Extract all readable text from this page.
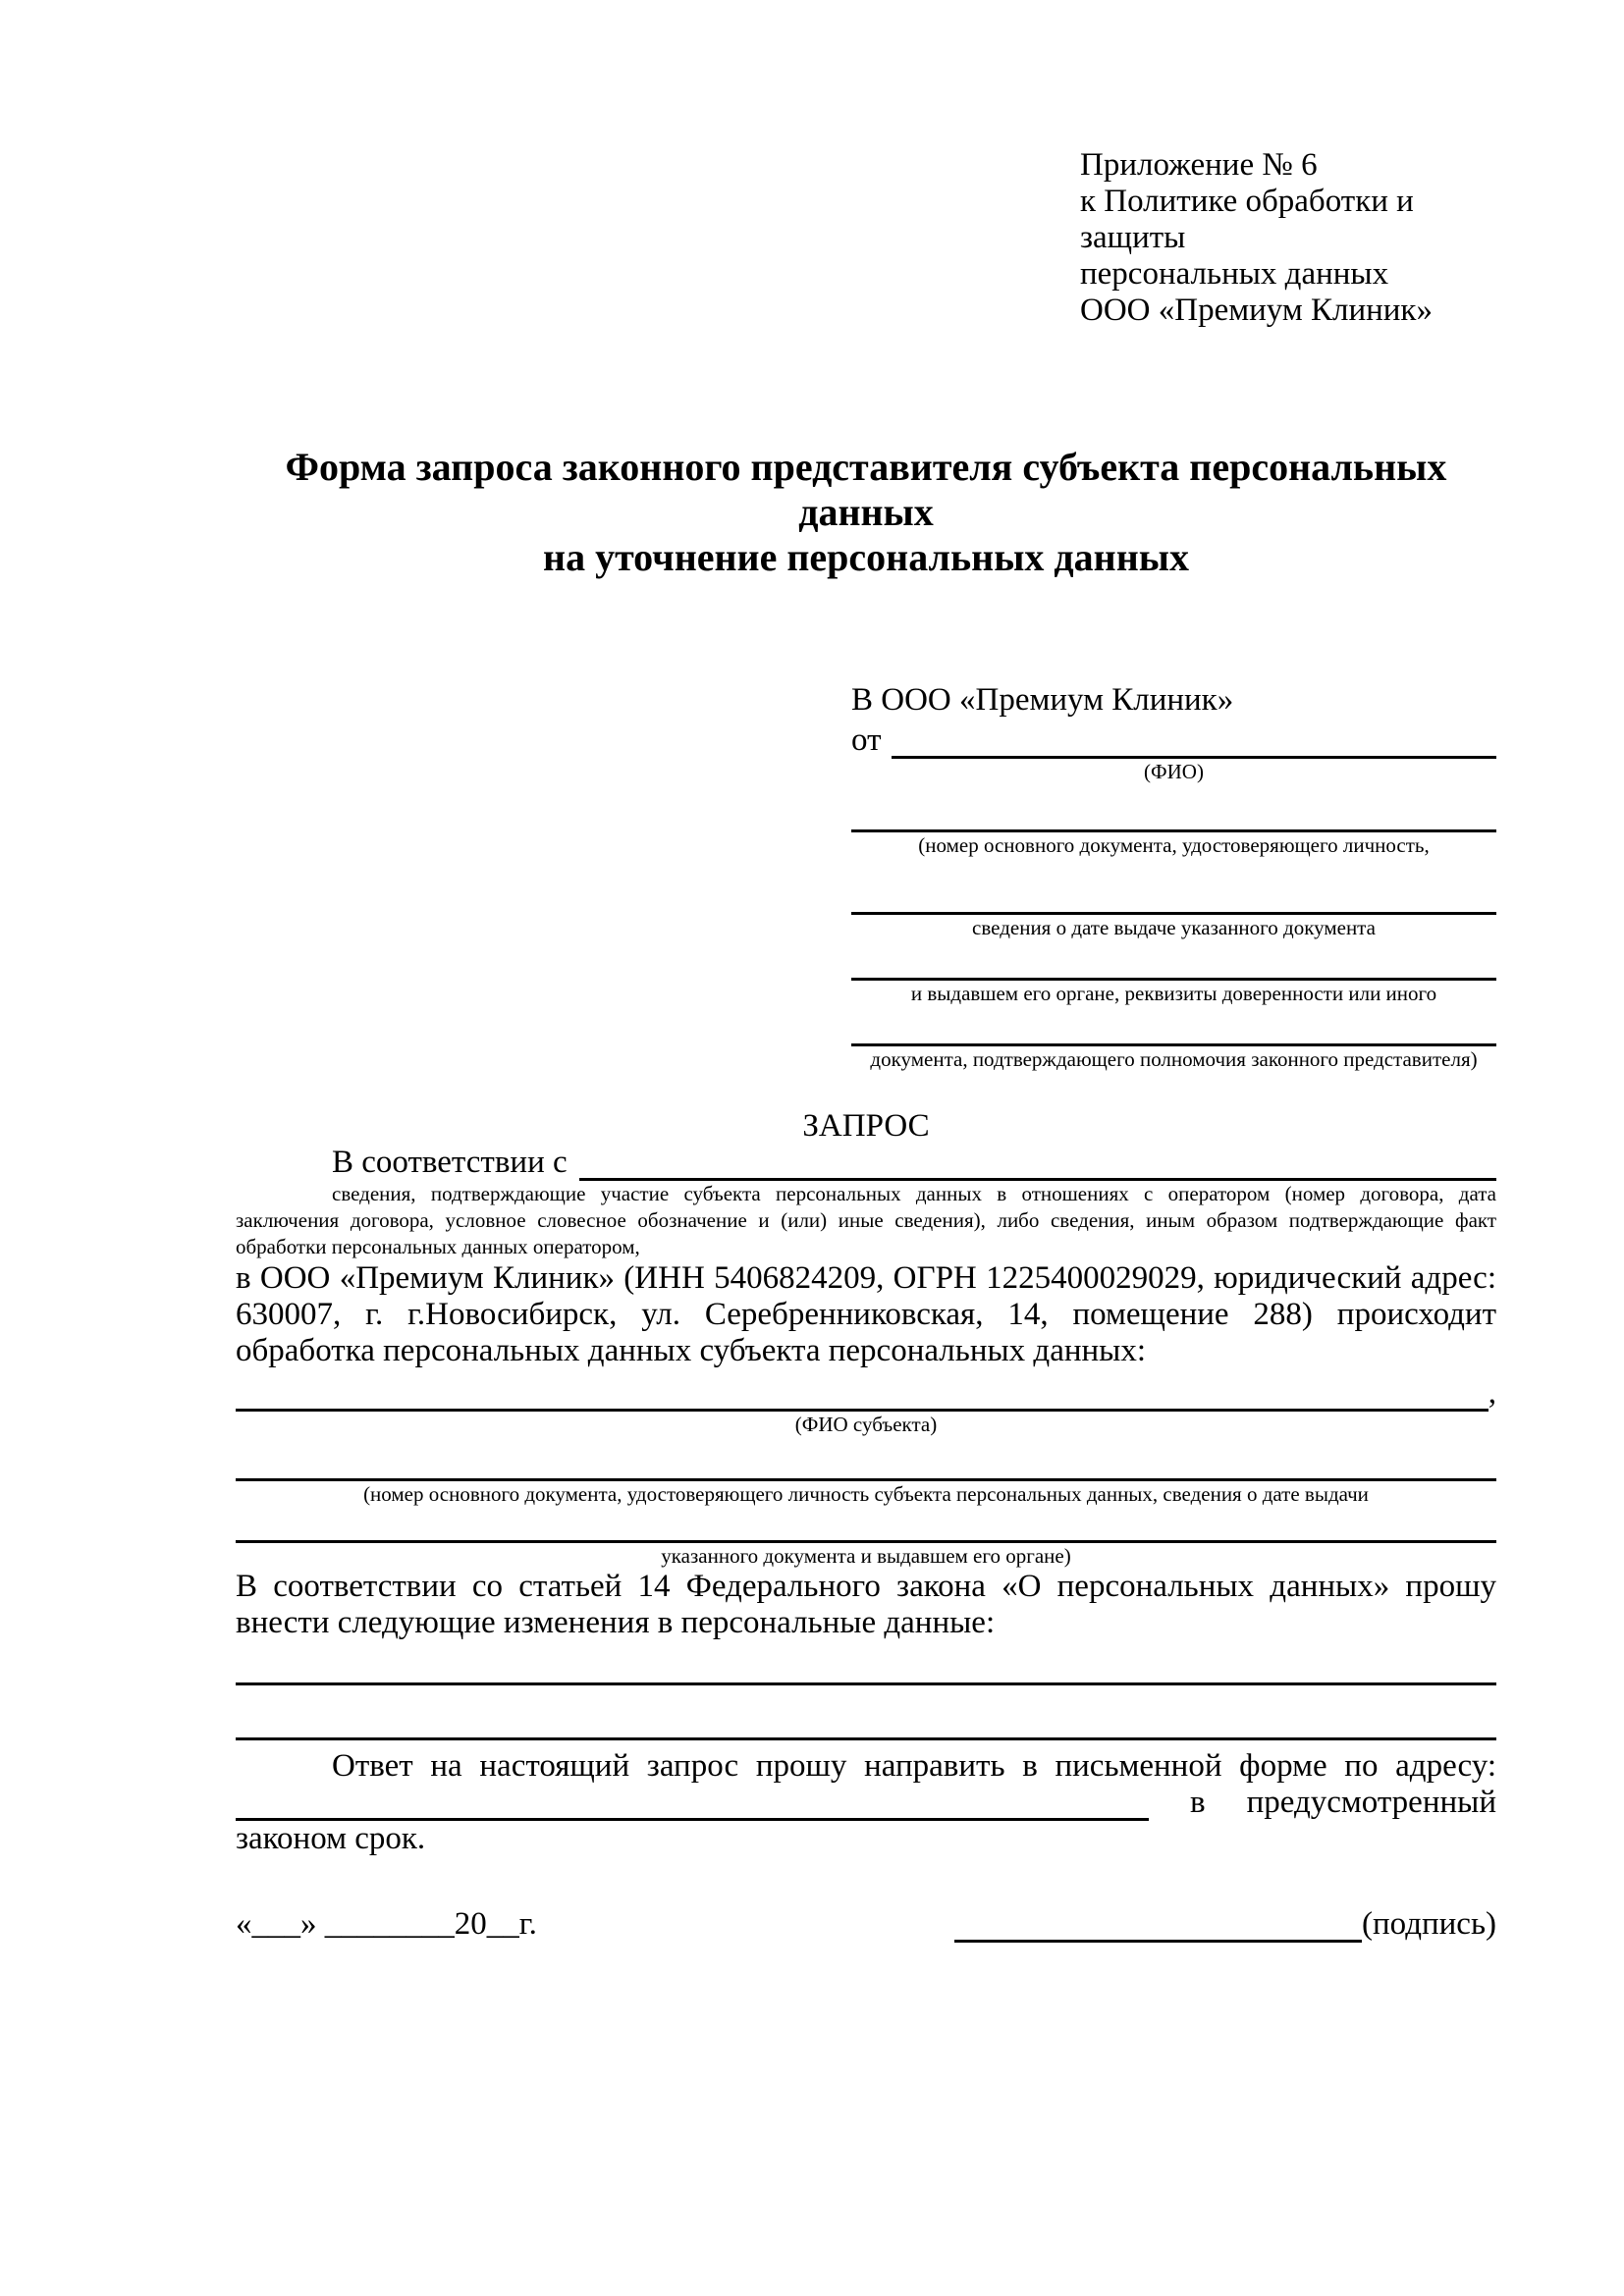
Приложение № 6
к Политике обработки и защиты
персональных данных
ООО «Премиум Клиник»
Форма запроса законного представителя субъекта персональных данных
на уточнение персональных данных
В ООО «Премиум Клиник»
от
(ФИО)
(номер основного документа, удостоверяющего личность,
сведения о дате выдаче указанного документа
и выдавшем его органе, реквизиты доверенности или иного
документа, подтверждающего полномочия законного представителя)
ЗАПРОС
В соответствии с
сведения, подтверждающие участие субъекта персональных данных в отношениях с оператором (номер договора, дата
заключения договора, условное словесное обозначение и (или) иные сведения), либо сведения, иным образом подтверждающие факт
обработки персональных данных оператором,
в ООО «Премиум Клиник» (ИНН 5406824209, ОГРН 1225400029029, юридический адрес:
630007, г. г.Новосибирск, ул. Серебренниковская, 14, помещение 288) происходит
обработка персональных данных субъекта персональных данных:
,
(ФИО субъекта)
(номер основного документа, удостоверяющего личность субъекта персональных данных, сведения о дате выдачи
указанного документа и выдавшем его органе)
В соответствии со статьей 14 Федерального закона «О персональных данных» прошу
внести следующие изменения в персональные данные:
Ответ на настоящий запрос прошу направить в письменной форме по адресу:
в предусмотренный
законом срок.
«___» ________20__г.	(подпись)
